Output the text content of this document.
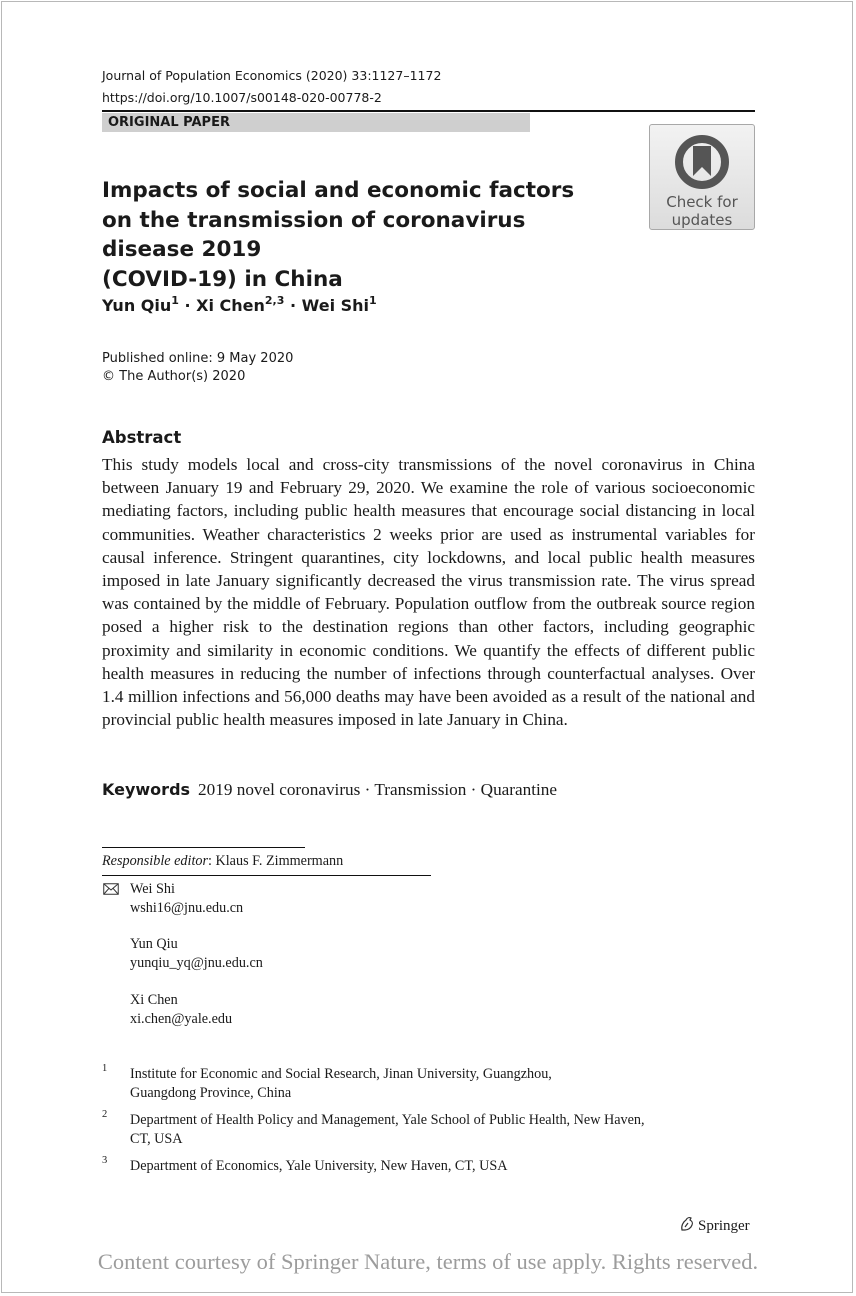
Journal of Population Economics (2020) 33:1127–1172
https://doi.org/10.1007/s00148-020-00778-2
ORIGINAL PAPER
Check for
updates
Impacts of social and economic factors
on the transmission of coronavirus disease 2019
(COVID-19) in China
Yun Qiu$^1$ · Xi Chen$^{2,3}$ · Wei Shi$^1$
Published online: 9 May 2020
© The Author(s) 2020
Abstract

This study models local and cross-city transmissions of the novel coronavirus in China between January 19 and February 29, 2020. We examine the role of various socioeconomic mediating factors, including public health measures that encourage social distancing in local communities. Weather characteristics 2 weeks prior are used as instrumental variables for causal inference. Stringent quarantines, city lockdowns, and local public health measures imposed in late January significantly decreased the virus transmission rate. The virus spread was contained by the middle of February. Population outflow from the outbreak source region posed a higher risk to the destination regions than other factors, including geographic proximity and similarity in economic conditions. We quantify the effects of different public health measures in reducing the number of infections through counterfactual analyses. Over 1.4 million infections and 56,000 deaths may have been avoided as a result of the national and provincial public health measures imposed in late January in China.

Keywords 2019 novel coronavirus · Transmission · Quarantine
Responsible editor: Klaus F. Zimmermann
Wei Shi
wshi16@jnu.edu.cn
Yun Qiu
yunqiu_yq@jnu.edu.cn
Xi Chen
xi.chen@yale.edu
1 Institute for Economic and Social Research, Jinan University, Guangzhou,
Guangdong Province, China
2 Department of Health Policy and Management, Yale School of Public Health, New Haven,
CT, USA
3 Department of Economics, Yale University, New Haven, CT, USA
Springer
Content courtesy of Springer Nature, terms of use apply. Rights reserved.
